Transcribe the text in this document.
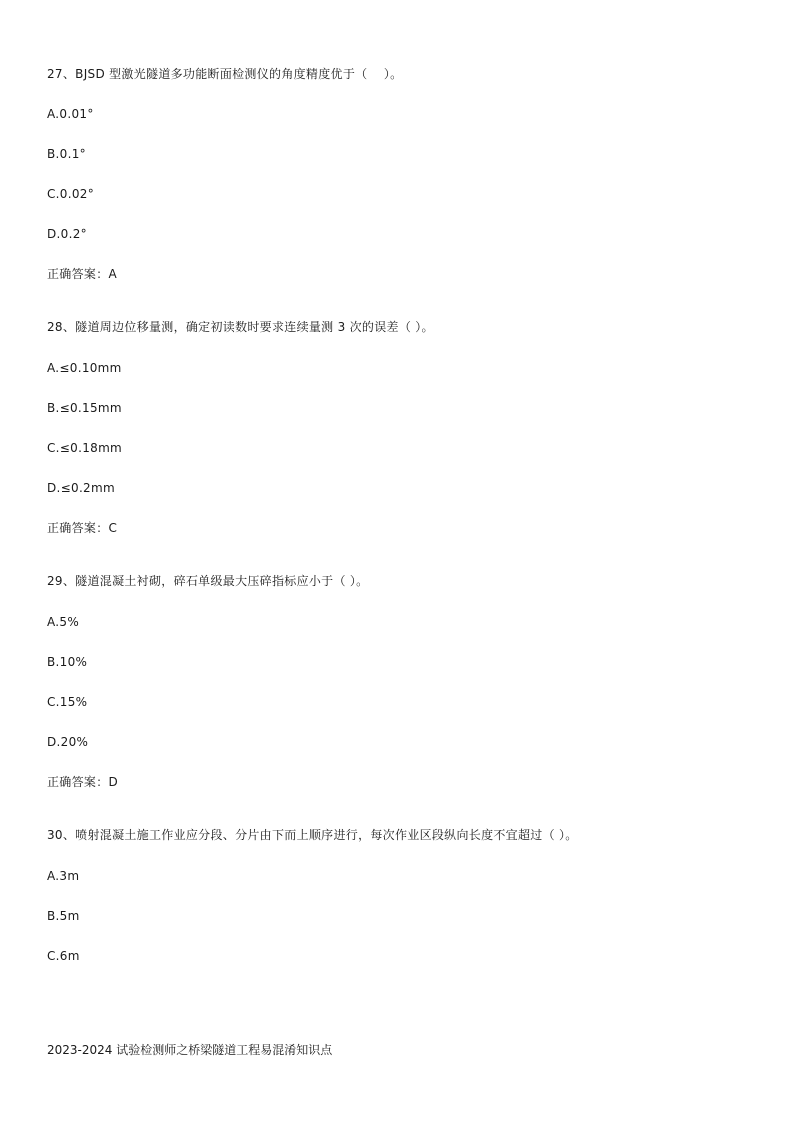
27、BJSD 型激光隧道多功能断面检测仪的角度精度优于（　 ）。
A.0.01°
B.0.1°
C.0.02°
D.0.2°
正确答案：A
28、隧道周边位移量测，确定初读数时要求连续量测 3 次的误差（ ）。
A.≤0.10mm
B.≤0.15mm
C.≤0.18mm
D.≤0.2mm
正确答案：C
29、隧道混凝土衬砌，碎石单级最大压碎指标应小于（ ）。
A.5%
B.10%
C.15%
D.20%
正确答案：D
30、喷射混凝土施工作业应分段、分片由下而上顺序进行，每次作业区段纵向长度不宜超过（ ）。
A.3m
B.5m
C.6m
2023-2024 试验检测师之桥梁隧道工程易混淆知识点
